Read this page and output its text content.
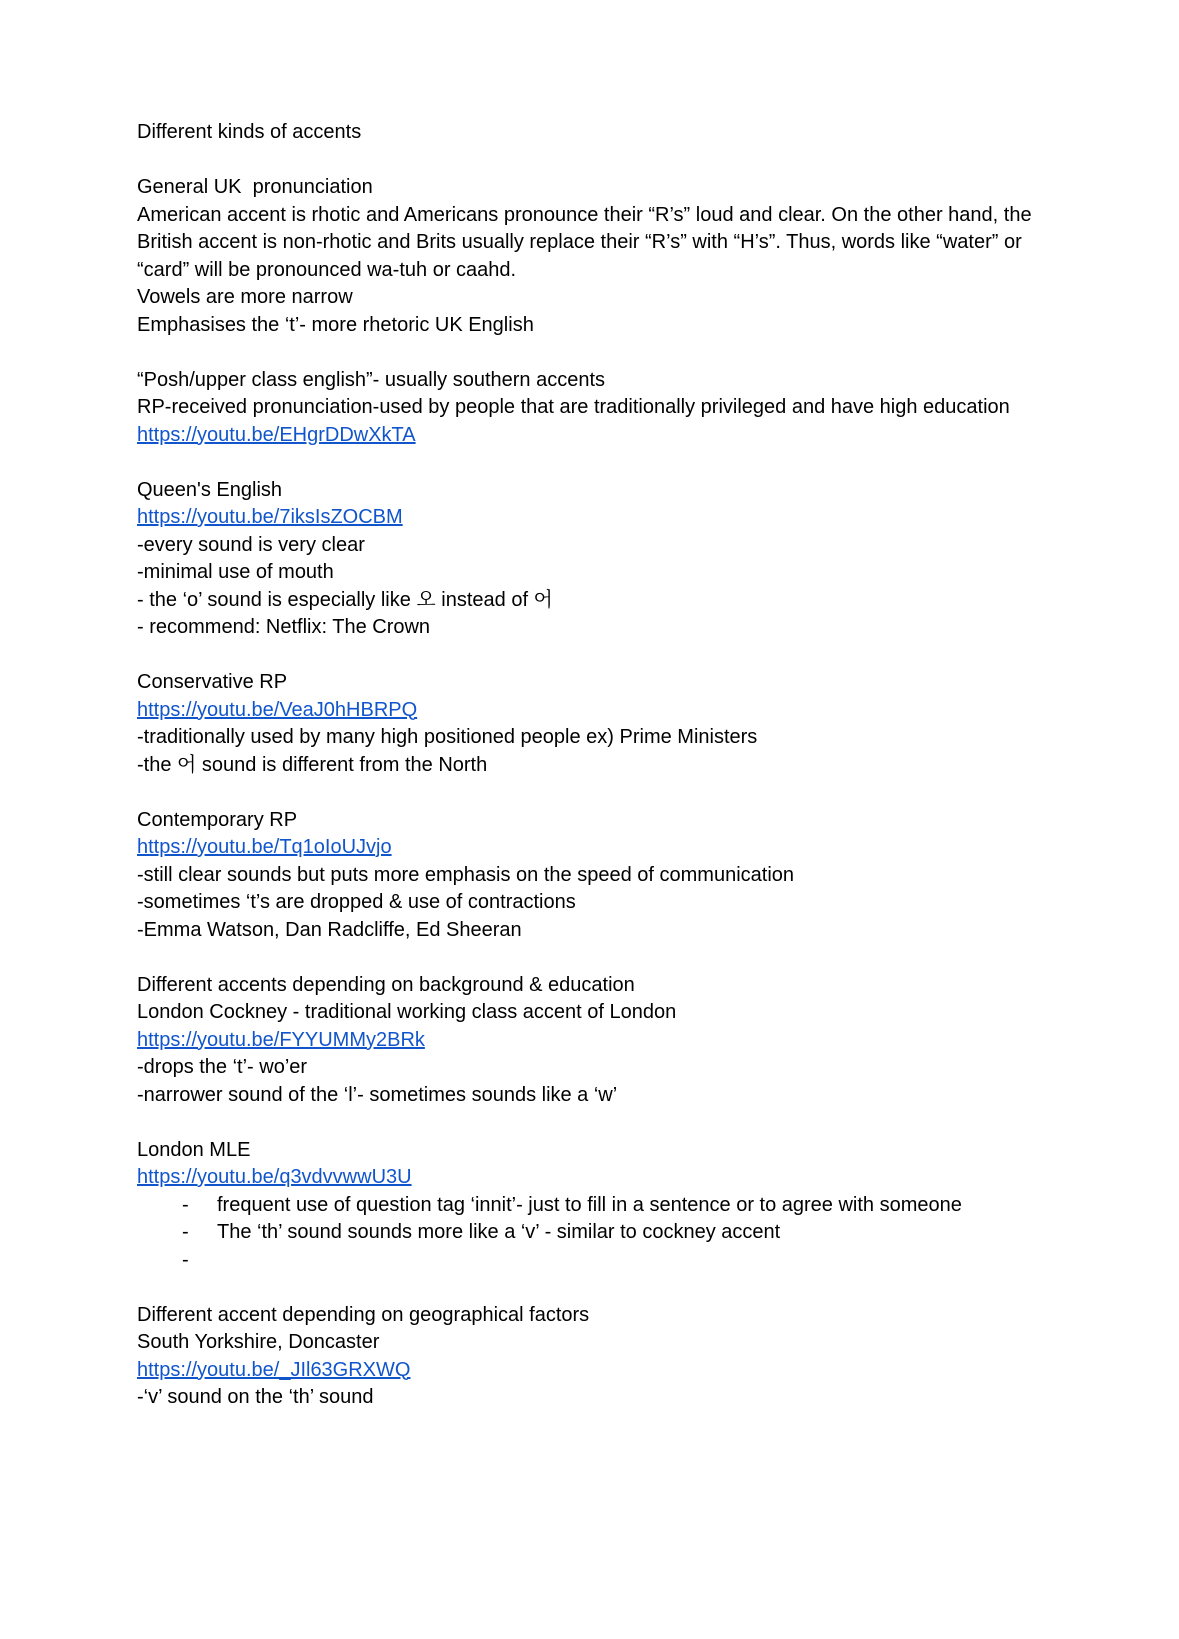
Different kinds of accents

General UK  pronunciation

American accent is rhotic and Americans pronounce their “R’s” loud and clear. On the other hand, the British accent is non-rhotic and Brits usually replace their “R’s” with “H’s”. Thus, words like “water” or “card” will be pronounced wa-tuh or caahd.

Vowels are more narrow

Emphasises the ‘t’- more rhetoric UK English

“Posh/upper class english”- usually southern accents

RP-received pronunciation-used by people that are traditionally privileged and have high education

https://youtu.be/EHgrDDwXkTA

Queen's English

https://youtu.be/7iksIsZOCBM

-every sound is very clear

-minimal use of mouth

- the ‘o’ sound is especially like 오 instead of 어

- recommend: Netflix: The Crown

Conservative RP

https://youtu.be/VeaJ0hHBRPQ

-traditionally used by many high positioned people ex) Prime Ministers

-the 어 sound is different from the North

Contemporary RP

https://youtu.be/Tq1oIoUJvjo

-still clear sounds but puts more emphasis on the speed of communication

-sometimes ‘t’s are dropped & use of contractions

-Emma Watson, Dan Radcliffe, Ed Sheeran

Different accents depending on background & education

London Cockney - traditional working class accent of London

https://youtu.be/FYYUMMy2BRk

-drops the ‘t’- wo’er

-narrower sound of the ‘l’- sometimes sounds like a ‘w’

London MLE

https://youtu.be/q3vdvvwwU3U

-	frequent use of question tag ‘innit’- just to fill in a sentence or to agree with someone
-	The ‘th’ sound sounds more like a ‘v’ - similar to cockney accent
-

Different accent depending on geographical factors

South Yorkshire, Doncaster

https://youtu.be/_JIl63GRXWQ

-‘v’ sound on the ‘th’ sound
